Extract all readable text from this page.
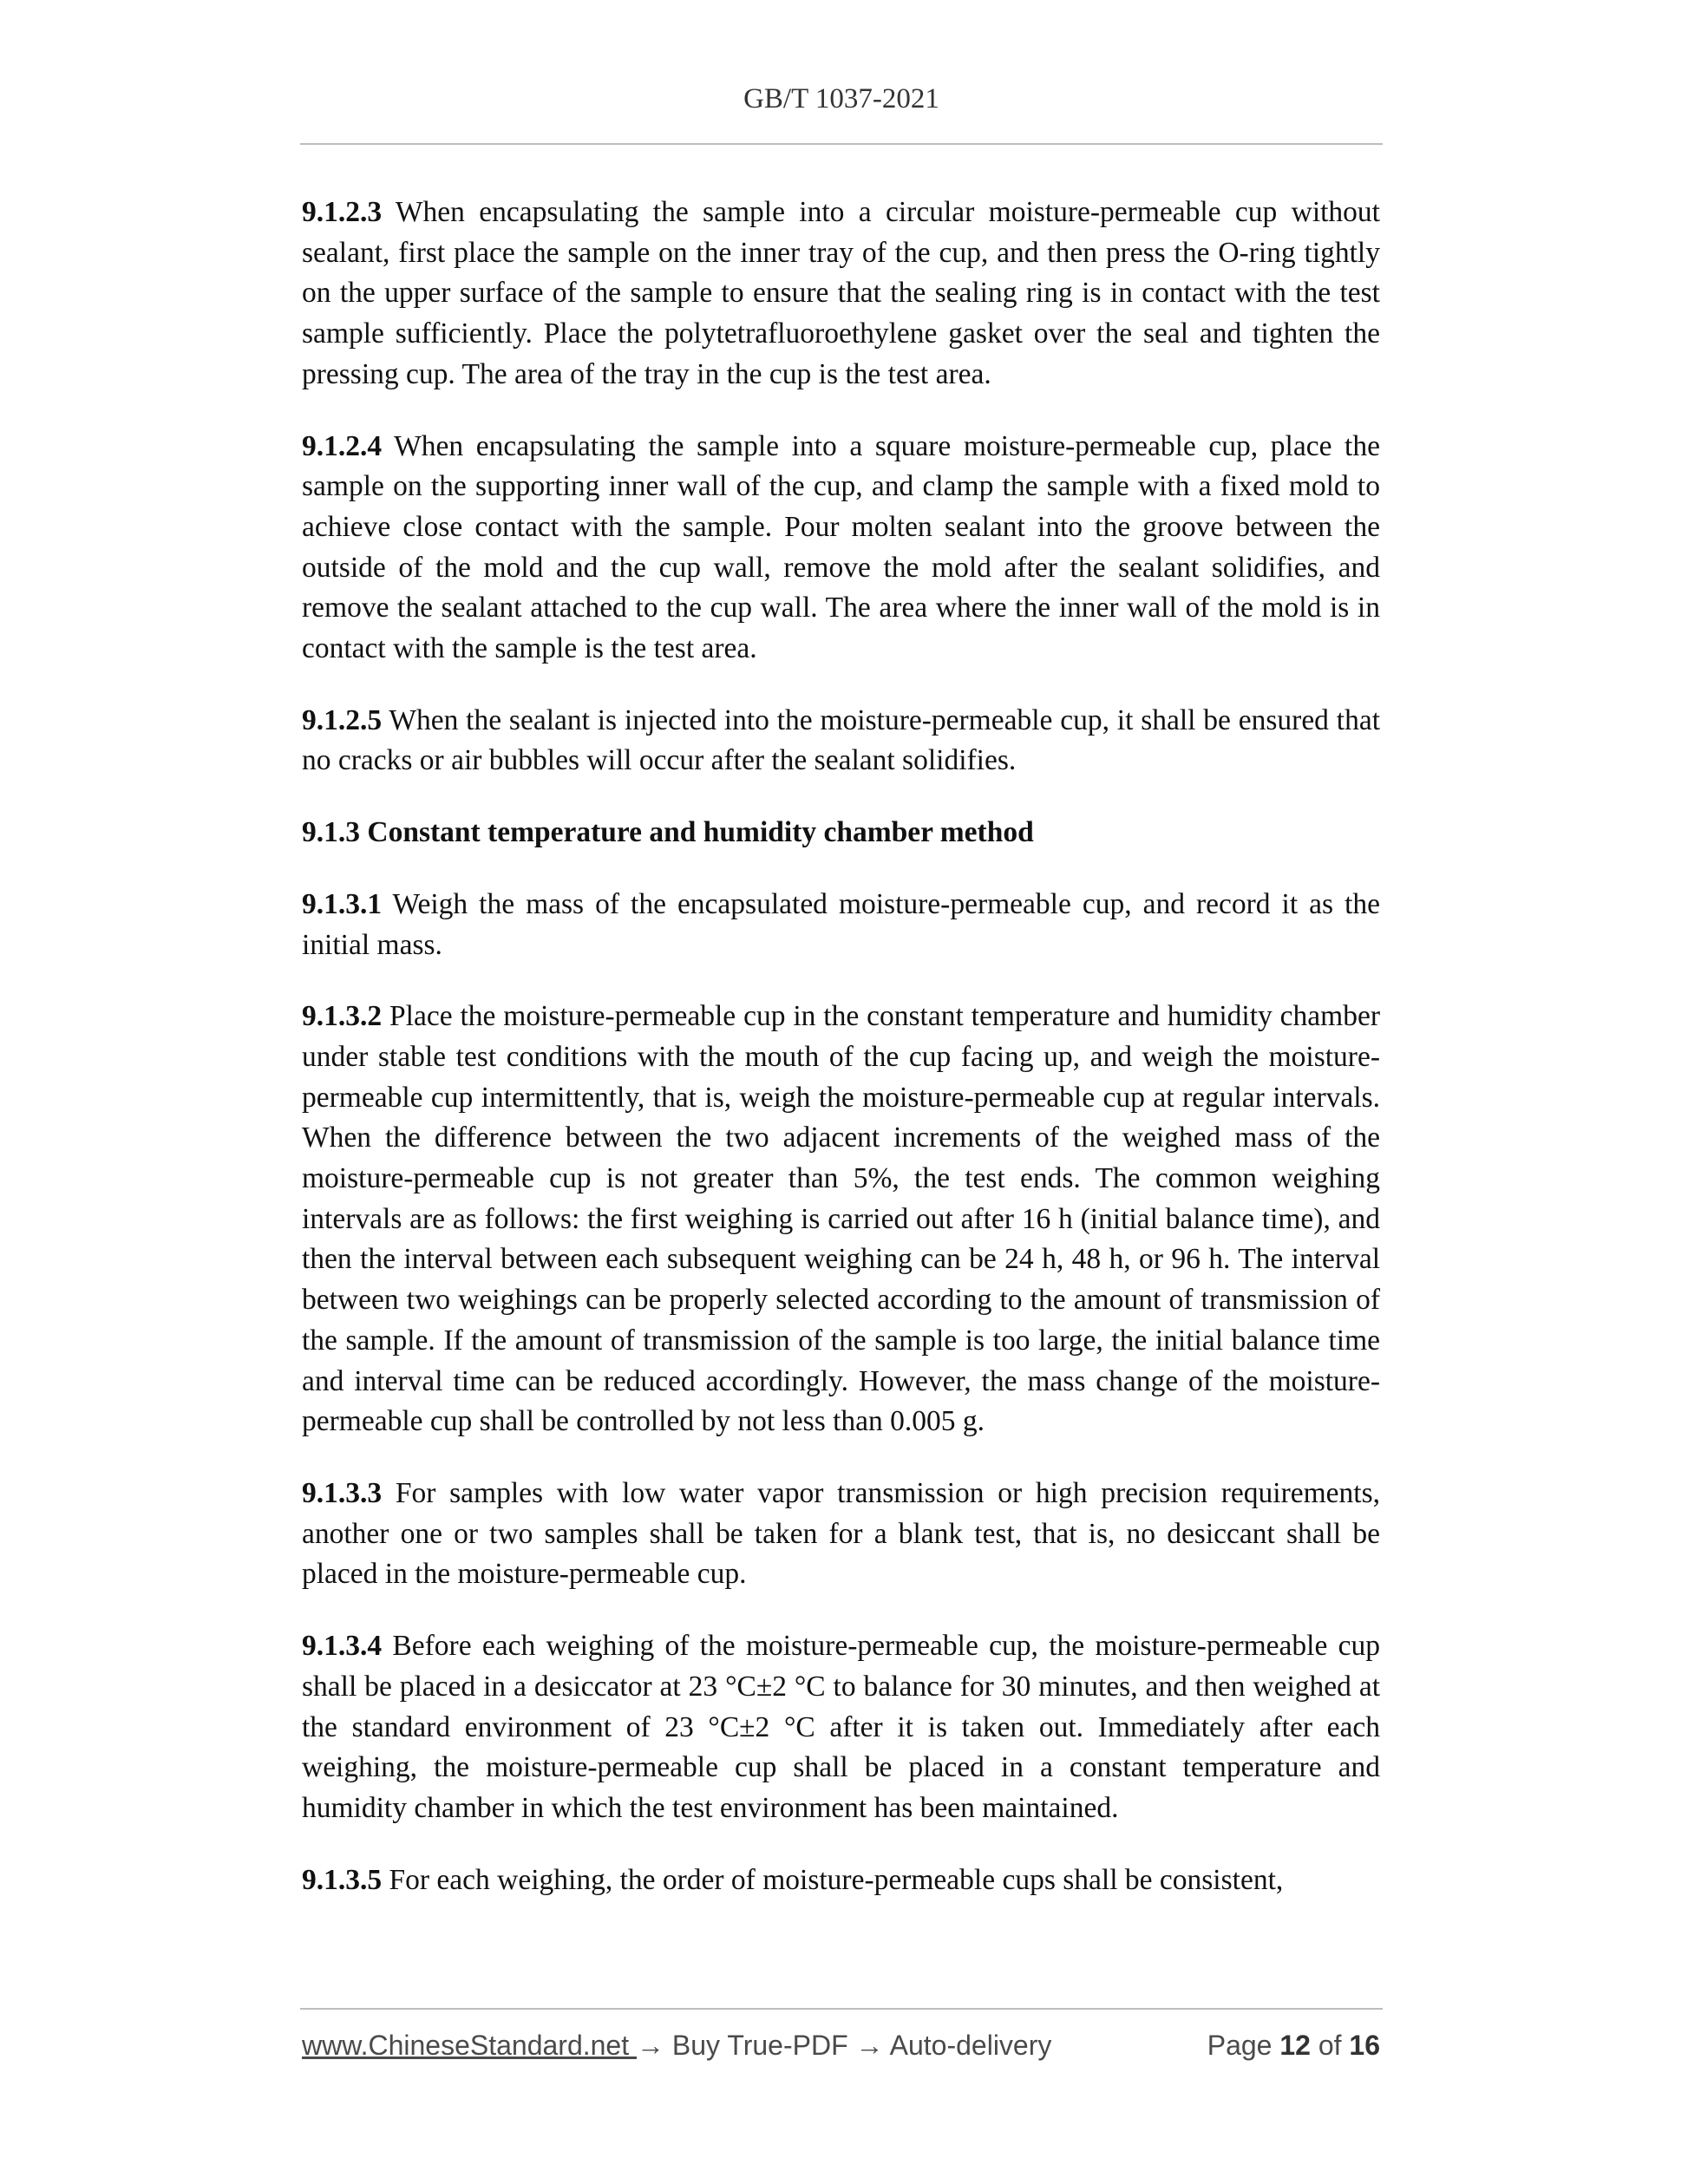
GB/T 1037-2021

9.1.2.3 When encapsulating the sample into a circular moisture-permeable cup without sealant, first place the sample on the inner tray of the cup, and then press the O-ring tightly on the upper surface of the sample to ensure that the sealing ring is in contact with the test sample sufficiently. Place the polytetrafluoroethylene gasket over the seal and tighten the pressing cup. The area of the tray in the cup is the test area.

9.1.2.4 When encapsulating the sample into a square moisture-permeable cup, place the sample on the supporting inner wall of the cup, and clamp the sample with a fixed mold to achieve close contact with the sample. Pour molten sealant into the groove between the outside of the mold and the cup wall, remove the mold after the sealant solidifies, and remove the sealant attached to the cup wall. The area where the inner wall of the mold is in contact with the sample is the test area.

9.1.2.5 When the sealant is injected into the moisture-permeable cup, it shall be ensured that no cracks or air bubbles will occur after the sealant solidifies.

9.1.3 Constant temperature and humidity chamber method

9.1.3.1 Weigh the mass of the encapsulated moisture-permeable cup, and record it as the initial mass.

9.1.3.2 Place the moisture-permeable cup in the constant temperature and humidity chamber under stable test conditions with the mouth of the cup facing up, and weigh the moisture-permeable cup intermittently, that is, weigh the moisture-permeable cup at regular intervals. When the difference between the two adjacent increments of the weighed mass of the moisture-permeable cup is not greater than 5%, the test ends. The common weighing intervals are as follows: the first weighing is carried out after 16 h (initial balance time), and then the interval between each subsequent weighing can be 24 h, 48 h, or 96 h. The interval between two weighings can be properly selected according to the amount of transmission of the sample. If the amount of transmission of the sample is too large, the initial balance time and interval time can be reduced accordingly. However, the mass change of the moisture-permeable cup shall be controlled by not less than 0.005 g.

9.1.3.3 For samples with low water vapor transmission or high precision requirements, another one or two samples shall be taken for a blank test, that is, no desiccant shall be placed in the moisture-permeable cup.

9.1.3.4 Before each weighing of the moisture-permeable cup, the moisture-permeable cup shall be placed in a desiccator at 23 °C±2 °C to balance for 30 minutes, and then weighed at the standard environment of 23 °C±2 °C after it is taken out. Immediately after each weighing, the moisture-permeable cup shall be placed in a constant temperature and humidity chamber in which the test environment has been maintained.

9.1.3.5 For each weighing, the order of moisture-permeable cups shall be consistent,

www.ChineseStandard.net → Buy True-PDF → Auto-delivery	Page 12 of 16
